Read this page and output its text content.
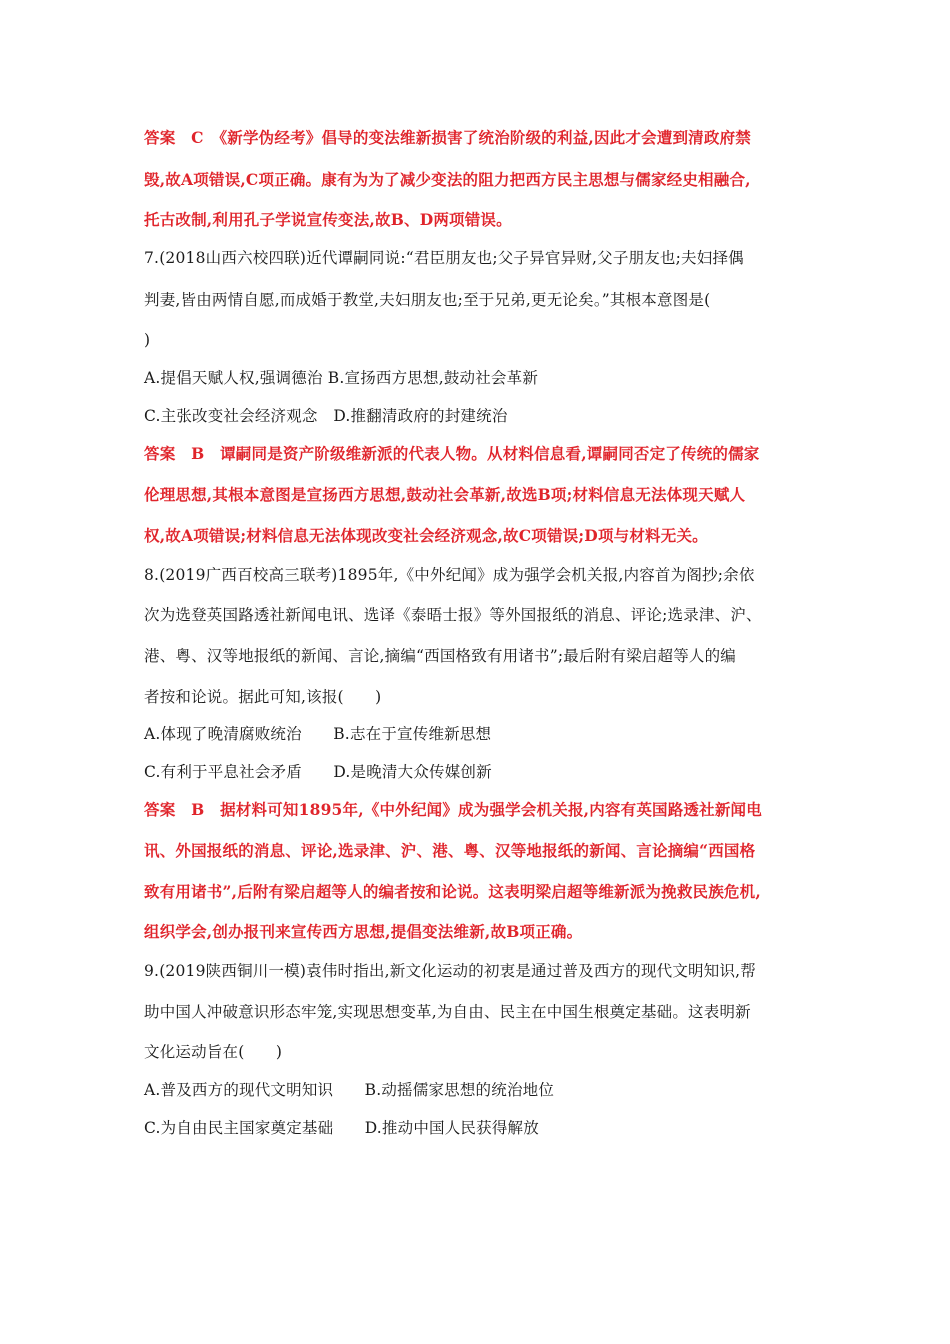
答案　C　《新学伪经考》倡导的变法维新损害了统治阶级的利益,因此才会遭到清政府禁
毁,故A项错误,C项正确。康有为为了减少变法的阻力把西方民主思想与儒家经史相融合,
托古改制,利用孔子学说宣传变法,故B、D两项错误。
7.(2018山西六校四联)近代谭嗣同说:“君臣朋友也;父子异官异财,父子朋友也;夫妇择偶
判妻,皆由两情自愿,而成婚于教堂,夫妇朋友也;至于兄弟,更无论矣。”其根本意图是(
)
A.提倡天赋人权,强调德治 B.宣扬西方思想,鼓动社会革新
C.主张改变社会经济观念　D.推翻清政府的封建统治
答案　B　谭嗣同是资产阶级维新派的代表人物。从材料信息看,谭嗣同否定了传统的儒家
伦理思想,其根本意图是宣扬西方思想,鼓动社会革新,故选B项;材料信息无法体现天赋人
权,故A项错误;材料信息无法体现改变社会经济观念,故C项错误;D项与材料无关。
8.(2019广西百校高三联考)1895年,《中外纪闻》成为强学会机关报,内容首为阁抄;余依
次为选登英国路透社新闻电讯、选译《泰晤士报》等外国报纸的消息、评论;选录津、沪、
港、粤、汉等地报纸的新闻、言论,摘编“西国格致有用诸书”;最后附有梁启超等人的编
者按和论说。据此可知,该报(　　)
A.体现了晚清腐败统治　　B.志在于宣传维新思想
C.有利于平息社会矛盾　　D.是晚清大众传媒创新
答案　B　据材料可知1895年,《中外纪闻》成为强学会机关报,内容有英国路透社新闻电
讯、外国报纸的消息、评论,选录津、沪、港、粤、汉等地报纸的新闻、言论摘编“西国格
致有用诸书”,后附有梁启超等人的编者按和论说。这表明梁启超等维新派为挽救民族危机,
组织学会,创办报刊来宣传西方思想,提倡变法维新,故B项正确。
9.(2019陕西铜川一模)袁伟时指出,新文化运动的初衷是通过普及西方的现代文明知识,帮
助中国人冲破意识形态牢笼,实现思想变革,为自由、民主在中国生根奠定基础。这表明新
文化运动旨在(　　)
A.普及西方的现代文明知识　　B.动摇儒家思想的统治地位
C.为自由民主国家奠定基础　　D.推动中国人民获得解放
